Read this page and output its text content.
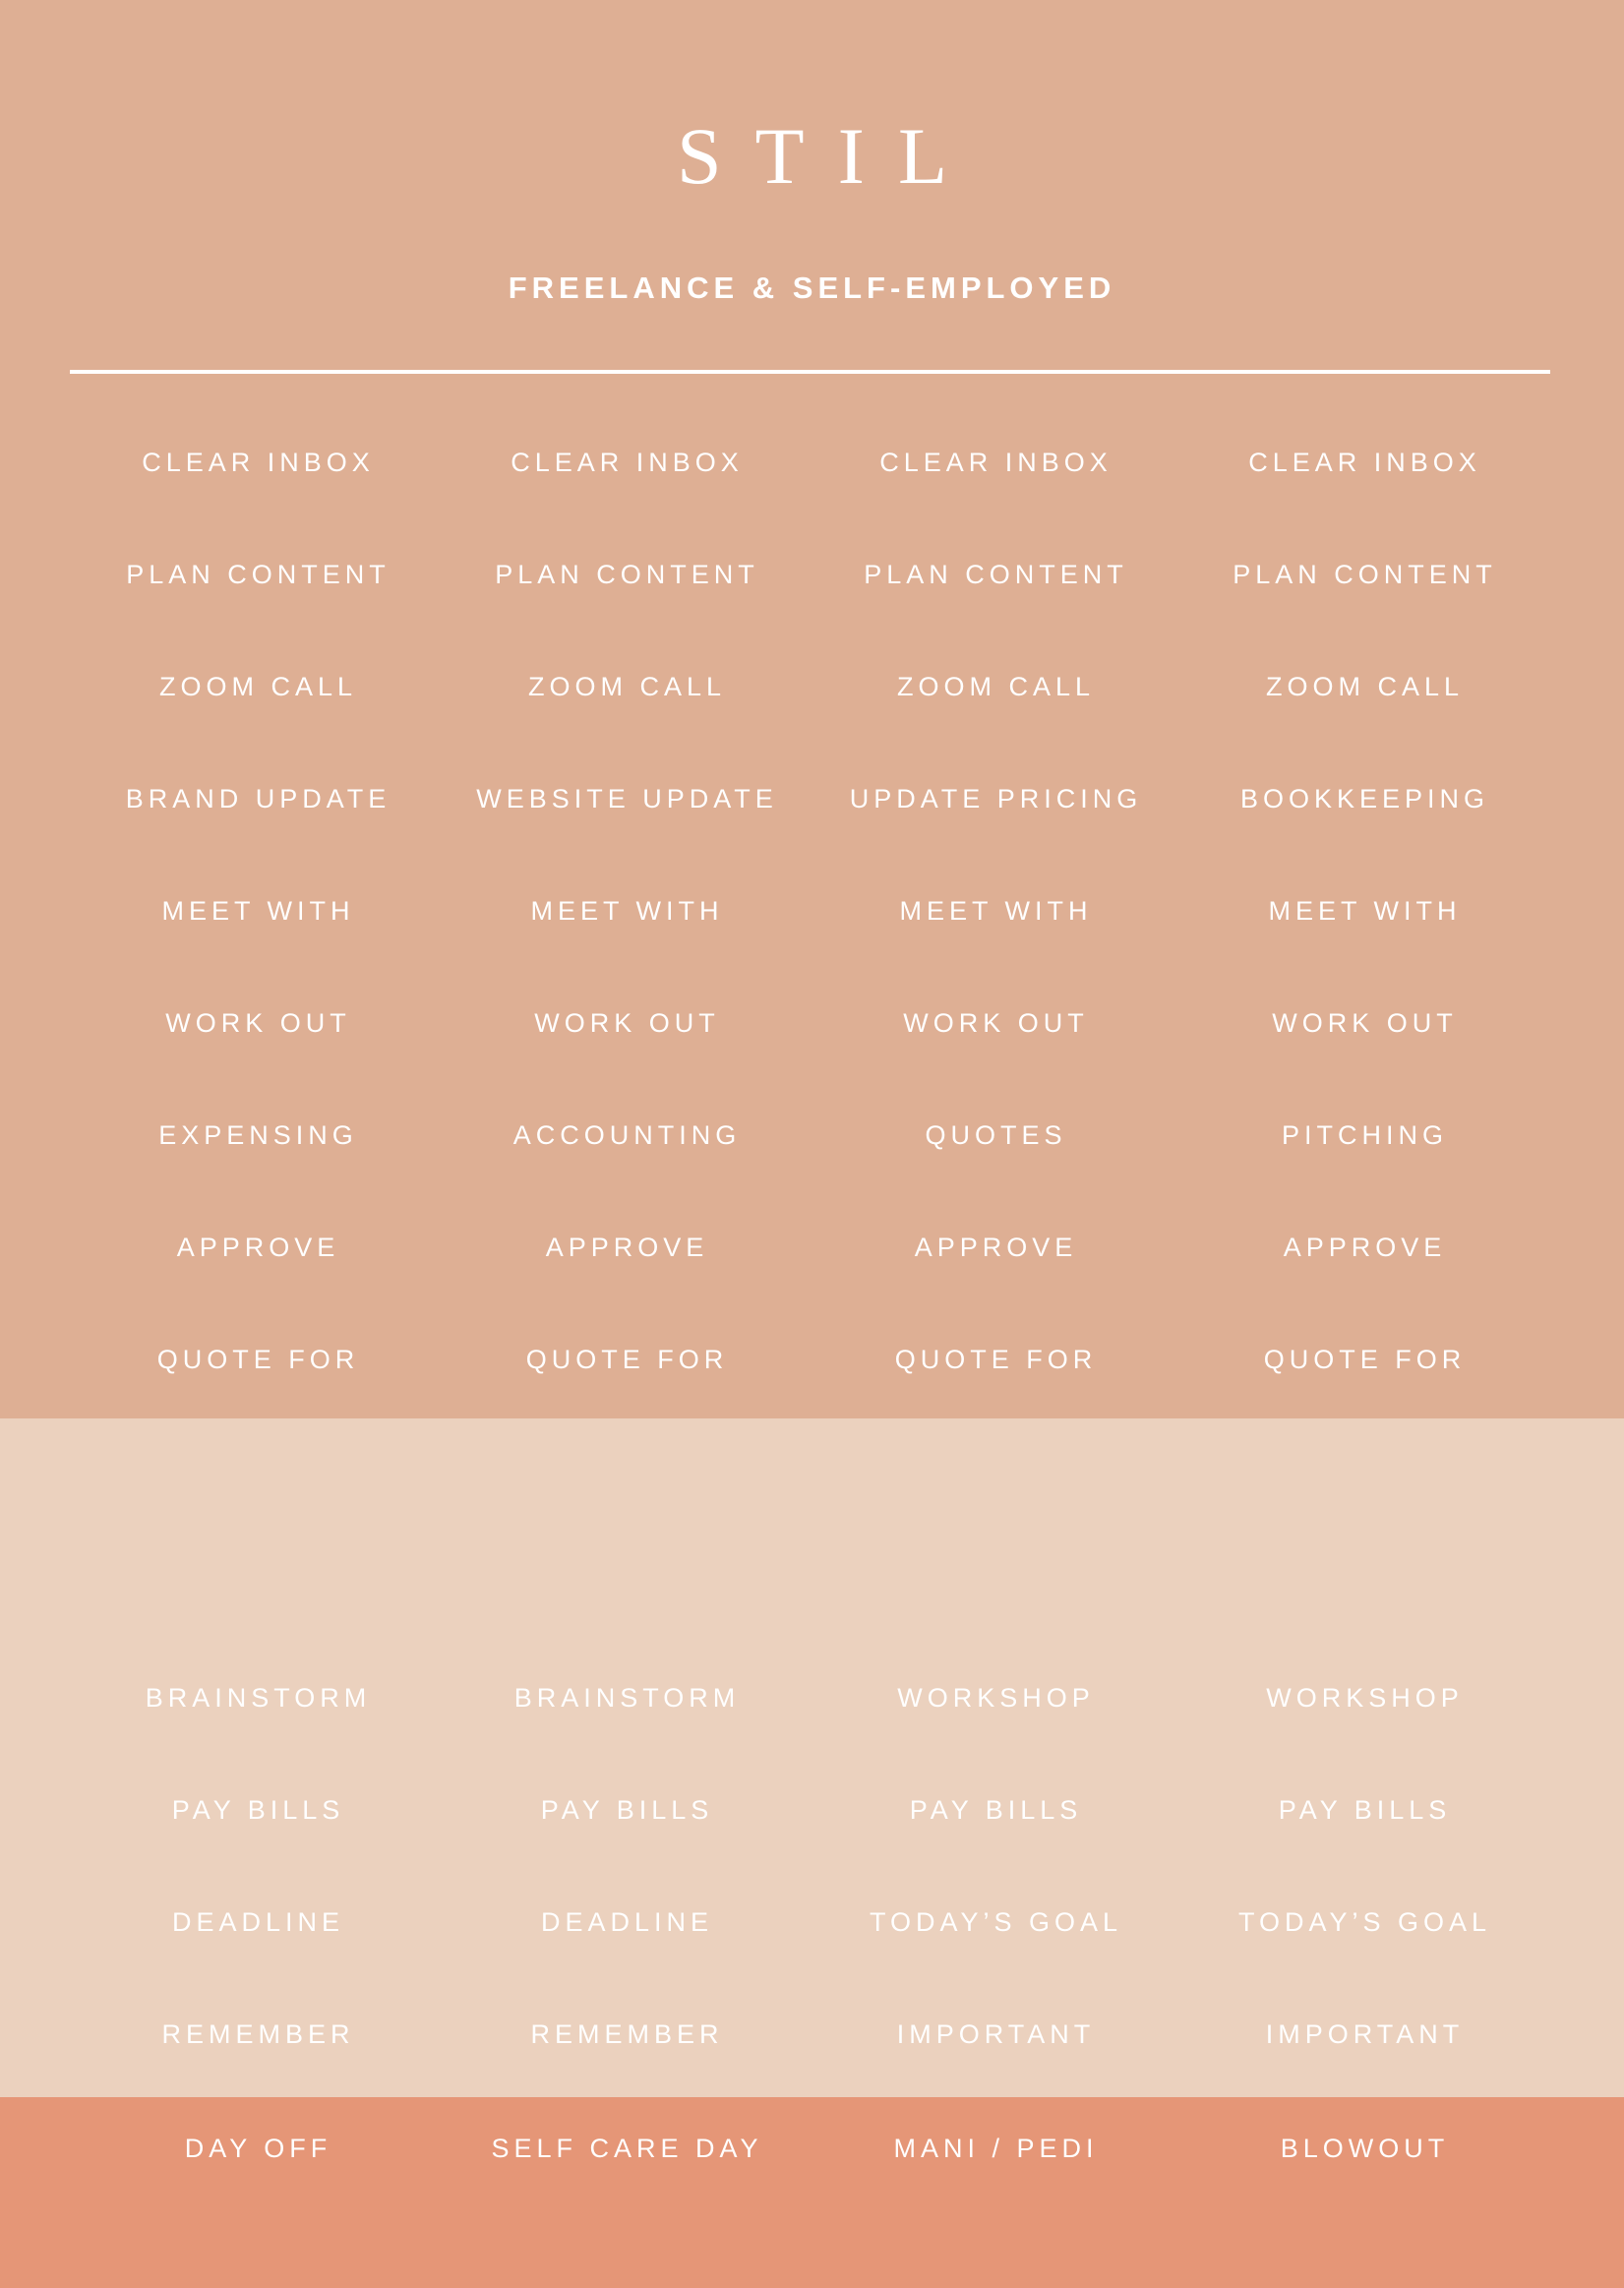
STIL
FREELANCE & SELF-EMPLOYED
CLEAR INBOX	CLEAR INBOX	CLEAR INBOX	CLEAR INBOX
PLAN CONTENT	PLAN CONTENT	PLAN CONTENT	PLAN CONTENT
ZOOM CALL	ZOOM CALL	ZOOM CALL	ZOOM CALL
BRAND UPDATE	WEBSITE UPDATE	UPDATE PRICING	BOOKKEEPING
MEET WITH	MEET WITH	MEET WITH	MEET WITH
WORK OUT	WORK OUT	WORK OUT	WORK OUT
EXPENSING	ACCOUNTING	QUOTES	PITCHING
APPROVE	APPROVE	APPROVE	APPROVE
QUOTE FOR	QUOTE FOR	QUOTE FOR	QUOTE FOR
BRAINSTORM	BRAINSTORM	WORKSHOP	WORKSHOP
PAY BILLS	PAY BILLS	PAY BILLS	PAY BILLS
DEADLINE	DEADLINE	TODAY’S GOAL	TODAY’S GOAL
REMEMBER	REMEMBER	IMPORTANT	IMPORTANT
DAY OFF	SELF CARE DAY	MANI / PEDI	BLOWOUT
